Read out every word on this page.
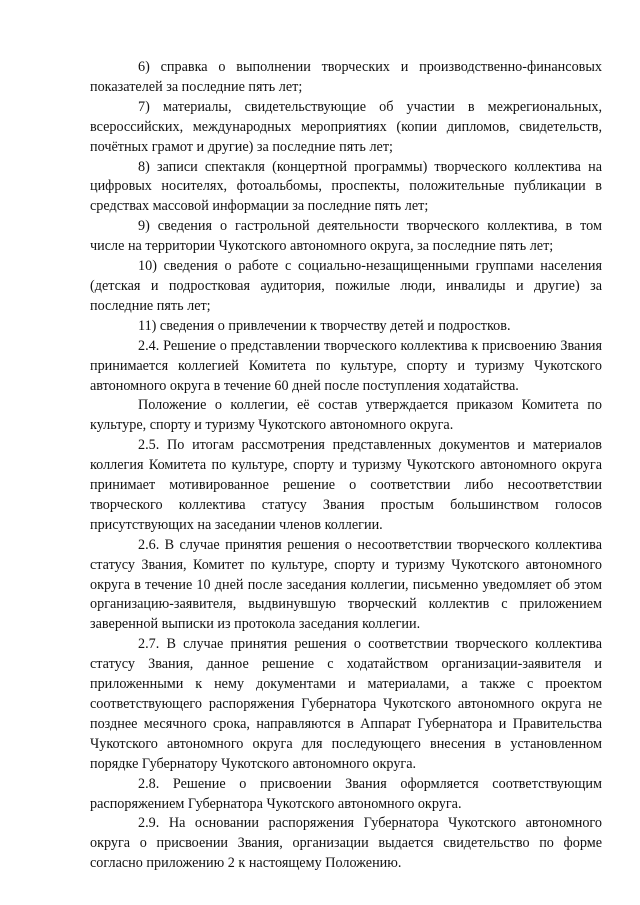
6) справка о выполнении творческих и производственно-финансовых показателей за последние пять лет;

7) материалы, свидетельствующие об участии в межрегиональных, всероссийских, международных мероприятиях (копии дипломов, свидетельств, почётных грамот и другие) за последние пять лет;

8) записи спектакля (концертной программы) творческого коллектива на цифровых носителях, фотоальбомы, проспекты, положительные публикации в средствах массовой информации за последние пять лет;

9) сведения о гастрольной деятельности творческого коллектива, в том числе на территории Чукотского автономного округа, за последние пять лет;

10) сведения о работе с социально-незащищенными группами населения (детская и подростковая аудитория, пожилые люди, инвалиды и другие) за последние пять лет;

11) сведения о привлечении к творчеству детей и подростков.

2.4. Решение о представлении творческого коллектива к присвоению Звания принимается коллегией Комитета по культуре, спорту и туризму Чукотского автономного округа в течение 60 дней после поступления ходатайства.

Положение о коллегии, её состав утверждается приказом Комитета по культуре, спорту и туризму Чукотского автономного округа.

2.5. По итогам рассмотрения представленных документов и материалов коллегия Комитета по культуре, спорту и туризму Чукотского автономного округа принимает мотивированное решение о соответствии либо несоответствии творческого коллектива статусу Звания простым большинством голосов присутствующих на заседании членов коллегии.

2.6. В случае принятия решения о несоответствии творческого коллектива статусу Звания, Комитет по культуре, спорту и туризму Чукотского автономного округа в течение 10 дней после заседания коллегии, письменно уведомляет об этом организацию-заявителя, выдвинувшую творческий коллектив с приложением заверенной выписки из протокола заседания коллегии.

2.7. В случае принятия решения о соответствии творческого коллектива статусу Звания, данное решение с ходатайством организации-заявителя и приложенными к нему документами и материалами, а также с проектом соответствующего распоряжения Губернатора Чукотского автономного округа не позднее месячного срока, направляются в Аппарат Губернатора и Правительства Чукотского автономного округа для последующего внесения в установленном порядке Губернатору Чукотского автономного округа.

2.8. Решение о присвоении Звания оформляется соответствующим распоряжением Губернатора Чукотского автономного округа.

2.9. На основании распоряжения Губернатора Чукотского автономного округа о присвоении Звания, организации выдается свидетельство по форме согласно приложению 2 к настоящему Положению.
